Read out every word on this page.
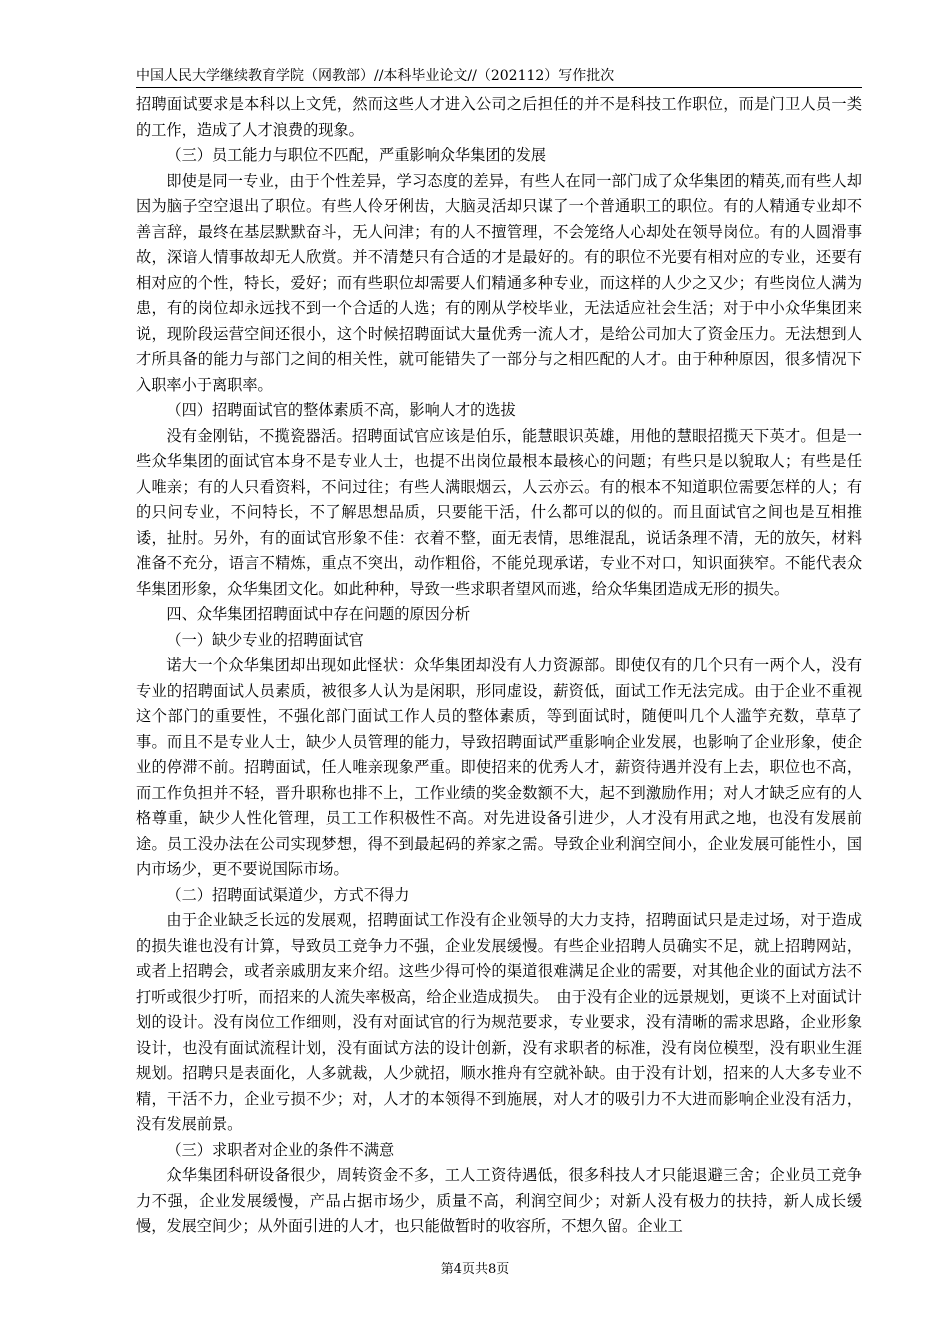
中国人民大学继续教育学院（网教部）//本科毕业论文//（202112）写作批次

招聘面试要求是本科以上文凭，然而这些人才进入公司之后担任的并不是科技工作职位，而是门卫人员一类的工作，造成了人才浪费的现象。

（三）员工能力与职位不匹配，严重影响众华集团的发展

即使是同一专业，由于个性差异，学习态度的差异，有些人在同一部门成了众华集团的精英,而有些人却因为脑子空空退出了职位。有些人伶牙俐齿，大脑灵活却只谋了一个普通职工的职位。有的人精通专业却不善言辞，最终在基层默默奋斗，无人问津；有的人不擅管理，不会笼络人心却处在领导岗位。有的人圆滑事故，深谙人情事故却无人欣赏。并不清楚只有合适的才是最好的。有的职位不光要有相对应的专业，还要有相对应的个性，特长，爱好；而有些职位却需要人们精通多种专业，而这样的人少之又少；有些岗位人满为患，有的岗位却永远找不到一个合适的人选；有的刚从学校毕业，无法适应社会生活；对于中小众华集团来说，现阶段运营空间还很小，这个时候招聘面试大量优秀一流人才，是给公司加大了资金压力。无法想到人才所具备的能力与部门之间的相关性，就可能错失了一部分与之相匹配的人才。由于种种原因，很多情况下入职率小于离职率。

（四）招聘面试官的整体素质不高，影响人才的选拔

没有金刚钻，不揽瓷器活。招聘面试官应该是伯乐，能慧眼识英雄，用他的慧眼招揽天下英才。但是一些众华集团的面试官本身不是专业人士，也提不出岗位最根本最核心的问题；有些只是以貌取人；有些是任人唯亲；有的人只看资料，不问过往；有些人满眼烟云，人云亦云。有的根本不知道职位需要怎样的人；有的只问专业，不问特长，不了解思想品质，只要能干活，什么都可以的似的。而且面试官之间也是互相推诿，扯肘。另外，有的面试官形象不佳：衣着不整，面无表情，思维混乱，说话条理不清，无的放矢，材料准备不充分，语言不精炼，重点不突出，动作粗俗，不能兑现承诺，专业不对口，知识面狭窄。不能代表众华集团形象，众华集团文化。如此种种，导致一些求职者望风而逃，给众华集团造成无形的损失。

四、众华集团招聘面试中存在问题的原因分析

（一）缺少专业的招聘面试官

诺大一个众华集团却出现如此怪状：众华集团却没有人力资源部。即使仅有的几个只有一两个人，没有专业的招聘面试人员素质，被很多人认为是闲职，形同虚设，薪资低，面试工作无法完成。由于企业不重视这个部门的重要性，不强化部门面试工作人员的整体素质，等到面试时，随便叫几个人滥竽充数，草草了事。而且不是专业人士，缺少人员管理的能力，导致招聘面试严重影响企业发展，也影响了企业形象，使企业的停滞不前。招聘面试，任人唯亲现象严重。即使招来的优秀人才，薪资待遇并没有上去，职位也不高，而工作负担并不轻，晋升职称也排不上，工作业绩的奖金数额不大，起不到激励作用；对人才缺乏应有的人格尊重，缺少人性化管理，员工工作积极性不高。对先进设备引进少，人才没有用武之地，也没有发展前途。员工没办法在公司实现梦想，得不到最起码的养家之需。导致企业利润空间小，企业发展可能性小，国内市场少，更不要说国际市场。

（二）招聘面试渠道少，方式不得力

由于企业缺乏长远的发展观，招聘面试工作没有企业领导的大力支持，招聘面试只是走过场，对于造成的损失谁也没有计算，导致员工竞争力不强，企业发展缓慢。有些企业招聘人员确实不足，就上招聘网站，或者上招聘会，或者亲戚朋友来介绍。这些少得可怜的渠道很难满足企业的需要，对其他企业的面试方法不打听或很少打听，而招来的人流失率极高，给企业造成损失。　由于没有企业的远景规划，更谈不上对面试计划的设计。没有岗位工作细则，没有对面试官的行为规范要求，专业要求，没有清晰的需求思路，企业形象设计，也没有面试流程计划，没有面试方法的设计创新，没有求职者的标准，没有岗位模型，没有职业生涯规划。招聘只是表面化，人多就裁，人少就招，顺水推舟有空就补缺。由于没有计划，招来的人大多专业不精，干活不力，企业亏损不少；对，人才的本领得不到施展，对人才的吸引力不大进而影响企业没有活力，没有发展前景。

（三）求职者对企业的条件不满意

众华集团科研设备很少，周转资金不多，工人工资待遇低，很多科技人才只能退避三舍；企业员工竞争力不强，企业发展缓慢，产品占据市场少，质量不高，利润空间少；对新人没有极力的扶持，新人成长缓慢，发展空间少；从外面引进的人才，也只能做暂时的收容所，不想久留。企业工

第4页共8页
